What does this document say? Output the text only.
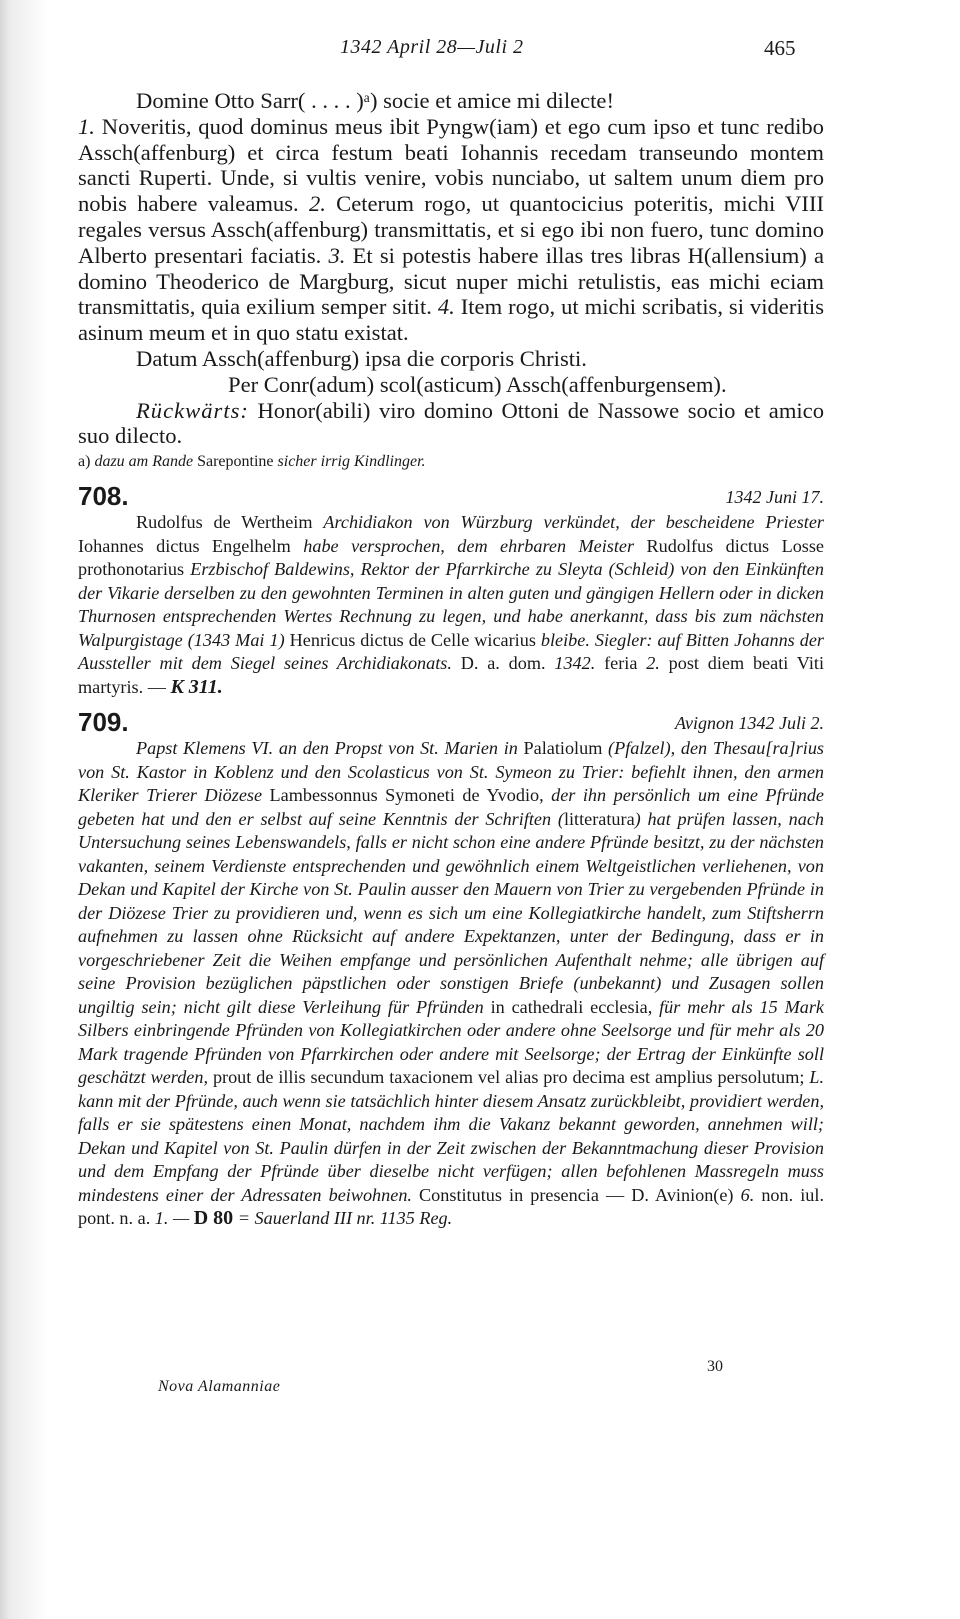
1342 April 28—Juli 2	465

Domine Otto Sarr( . . . . )ᵃ) socie et amice mi dilecte!

1. Noveritis, quod dominus meus ibit Pyngw(iam) et ego cum ipso et tunc redibo Assch(affenburg) et circa festum beati Iohannis recedam transeundo montem sancti Ruperti. Unde, si vultis venire, vobis nunciabo, ut saltem unum diem pro nobis habere valeamus. 2. Ceterum rogo, ut quantocicius poteritis, michi VIII regales versus Assch(affenburg) transmittatis, et si ego ibi non fuero, tunc domino Alberto presentari faciatis. 3. Et si potestis habere illas tres libras H(allensium) a domino Theoderico de Margburg, sicut nuper michi retulistis, eas michi eciam transmittatis, quia exilium semper sitit. 4. Item rogo, ut michi scribatis, si videritis asinum meum et in quo statu existat.

Datum Assch(affenburg) ipsa die corporis Christi.

Per Conr(adum) scol(asticum) Assch(affenburgensem).

Rückwärts: Honor(abili) viro domino Ottoni de Nassowe socio et amico suo dilecto.

a) dazu am Rande Sarepontine sicher irrig Kindlinger.

708.	1342 Juni 17.

Rudolfus de Wertheim Archidiakon von Würzburg verkündet, der bescheidene Priester Iohannes dictus Engelhelm habe versprochen, dem ehrbaren Meister Rudolfus dictus Losse prothonotarius Erzbischof Baldewins, Rektor der Pfarrkirche zu Sleyta (Schleid) von den Einkünften der Vikarie derselben zu den gewohnten Terminen in alten guten und gängigen Hellern oder in dicken Thurnosen entsprechenden Wertes Rechnung zu legen, und habe anerkannt, dass bis zum nächsten Walpurgistage (1343 Mai 1) Henricus dictus de Celle wicarius bleibe. Siegler: auf Bitten Johanns der Aussteller mit dem Siegel seines Archidiakonats. D. a. dom. 1342. feria 2. post diem beati Viti martyris. — K 311.

709.	Avignon 1342 Juli 2.

Papst Klemens VI. an den Propst von St. Marien in Palatiolum (Pfalzel), den Thesau[ra]rius von St. Kastor in Koblenz und den Scolasticus von St. Symeon zu Trier: befiehlt ihnen, den armen Kleriker Trierer Diözese Lambessonnus Symoneti de Yvodio, der ihn persönlich um eine Pfründe gebeten hat und den er selbst auf seine Kenntnis der Schriften (litteratura) hat prüfen lassen, nach Untersuchung seines Lebenswandels, falls er nicht schon eine andere Pfründe besitzt, zu der nächsten vakanten, seinem Verdienste entsprechenden und gewöhnlich einem Weltgeistlichen verliehenen, von Dekan und Kapitel der Kirche von St. Paulin ausser den Mauern von Trier zu vergebenden Pfründe in der Diözese Trier zu providieren und, wenn es sich um eine Kollegiatkirche handelt, zum Stiftsherrn aufnehmen zu lassen ohne Rücksicht auf andere Expektanzen, unter der Bedingung, dass er in vorgeschriebener Zeit die Weihen empfange und persönlichen Aufenthalt nehme; alle übrigen auf seine Provision bezüglichen päpstlichen oder sonstigen Briefe (unbekannt) und Zusagen sollen ungiltig sein; nicht gilt diese Verleihung für Pfründen in cathedrali ecclesia, für mehr als 15 Mark Silbers einbringende Pfründen von Kollegiatkirchen oder andere ohne Seelsorge und für mehr als 20 Mark tragende Pfründen von Pfarrkirchen oder andere mit Seelsorge; der Ertrag der Einkünfte soll geschätzt werden, prout de illis secundum taxacionem vel alias pro decima est amplius persolutum; L. kann mit der Pfründe, auch wenn sie tatsächlich hinter diesem Ansatz zurückbleibt, providiert werden, falls er sie spätestens einen Monat, nachdem ihm die Vakanz bekannt geworden, annehmen will; Dekan und Kapitel von St. Paulin dürfen in der Zeit zwischen der Bekanntmachung dieser Provision und dem Empfang der Pfründe über dieselbe nicht verfügen; allen befohlenen Massregeln muss mindestens einer der Adressaten beiwohnen. Constitutus in presencia — D. Avinion(e) 6. non. iul. pont. n. a. 1. — D 80 = Sauerland III nr. 1135 Reg.

30
Nova Alamanniae
